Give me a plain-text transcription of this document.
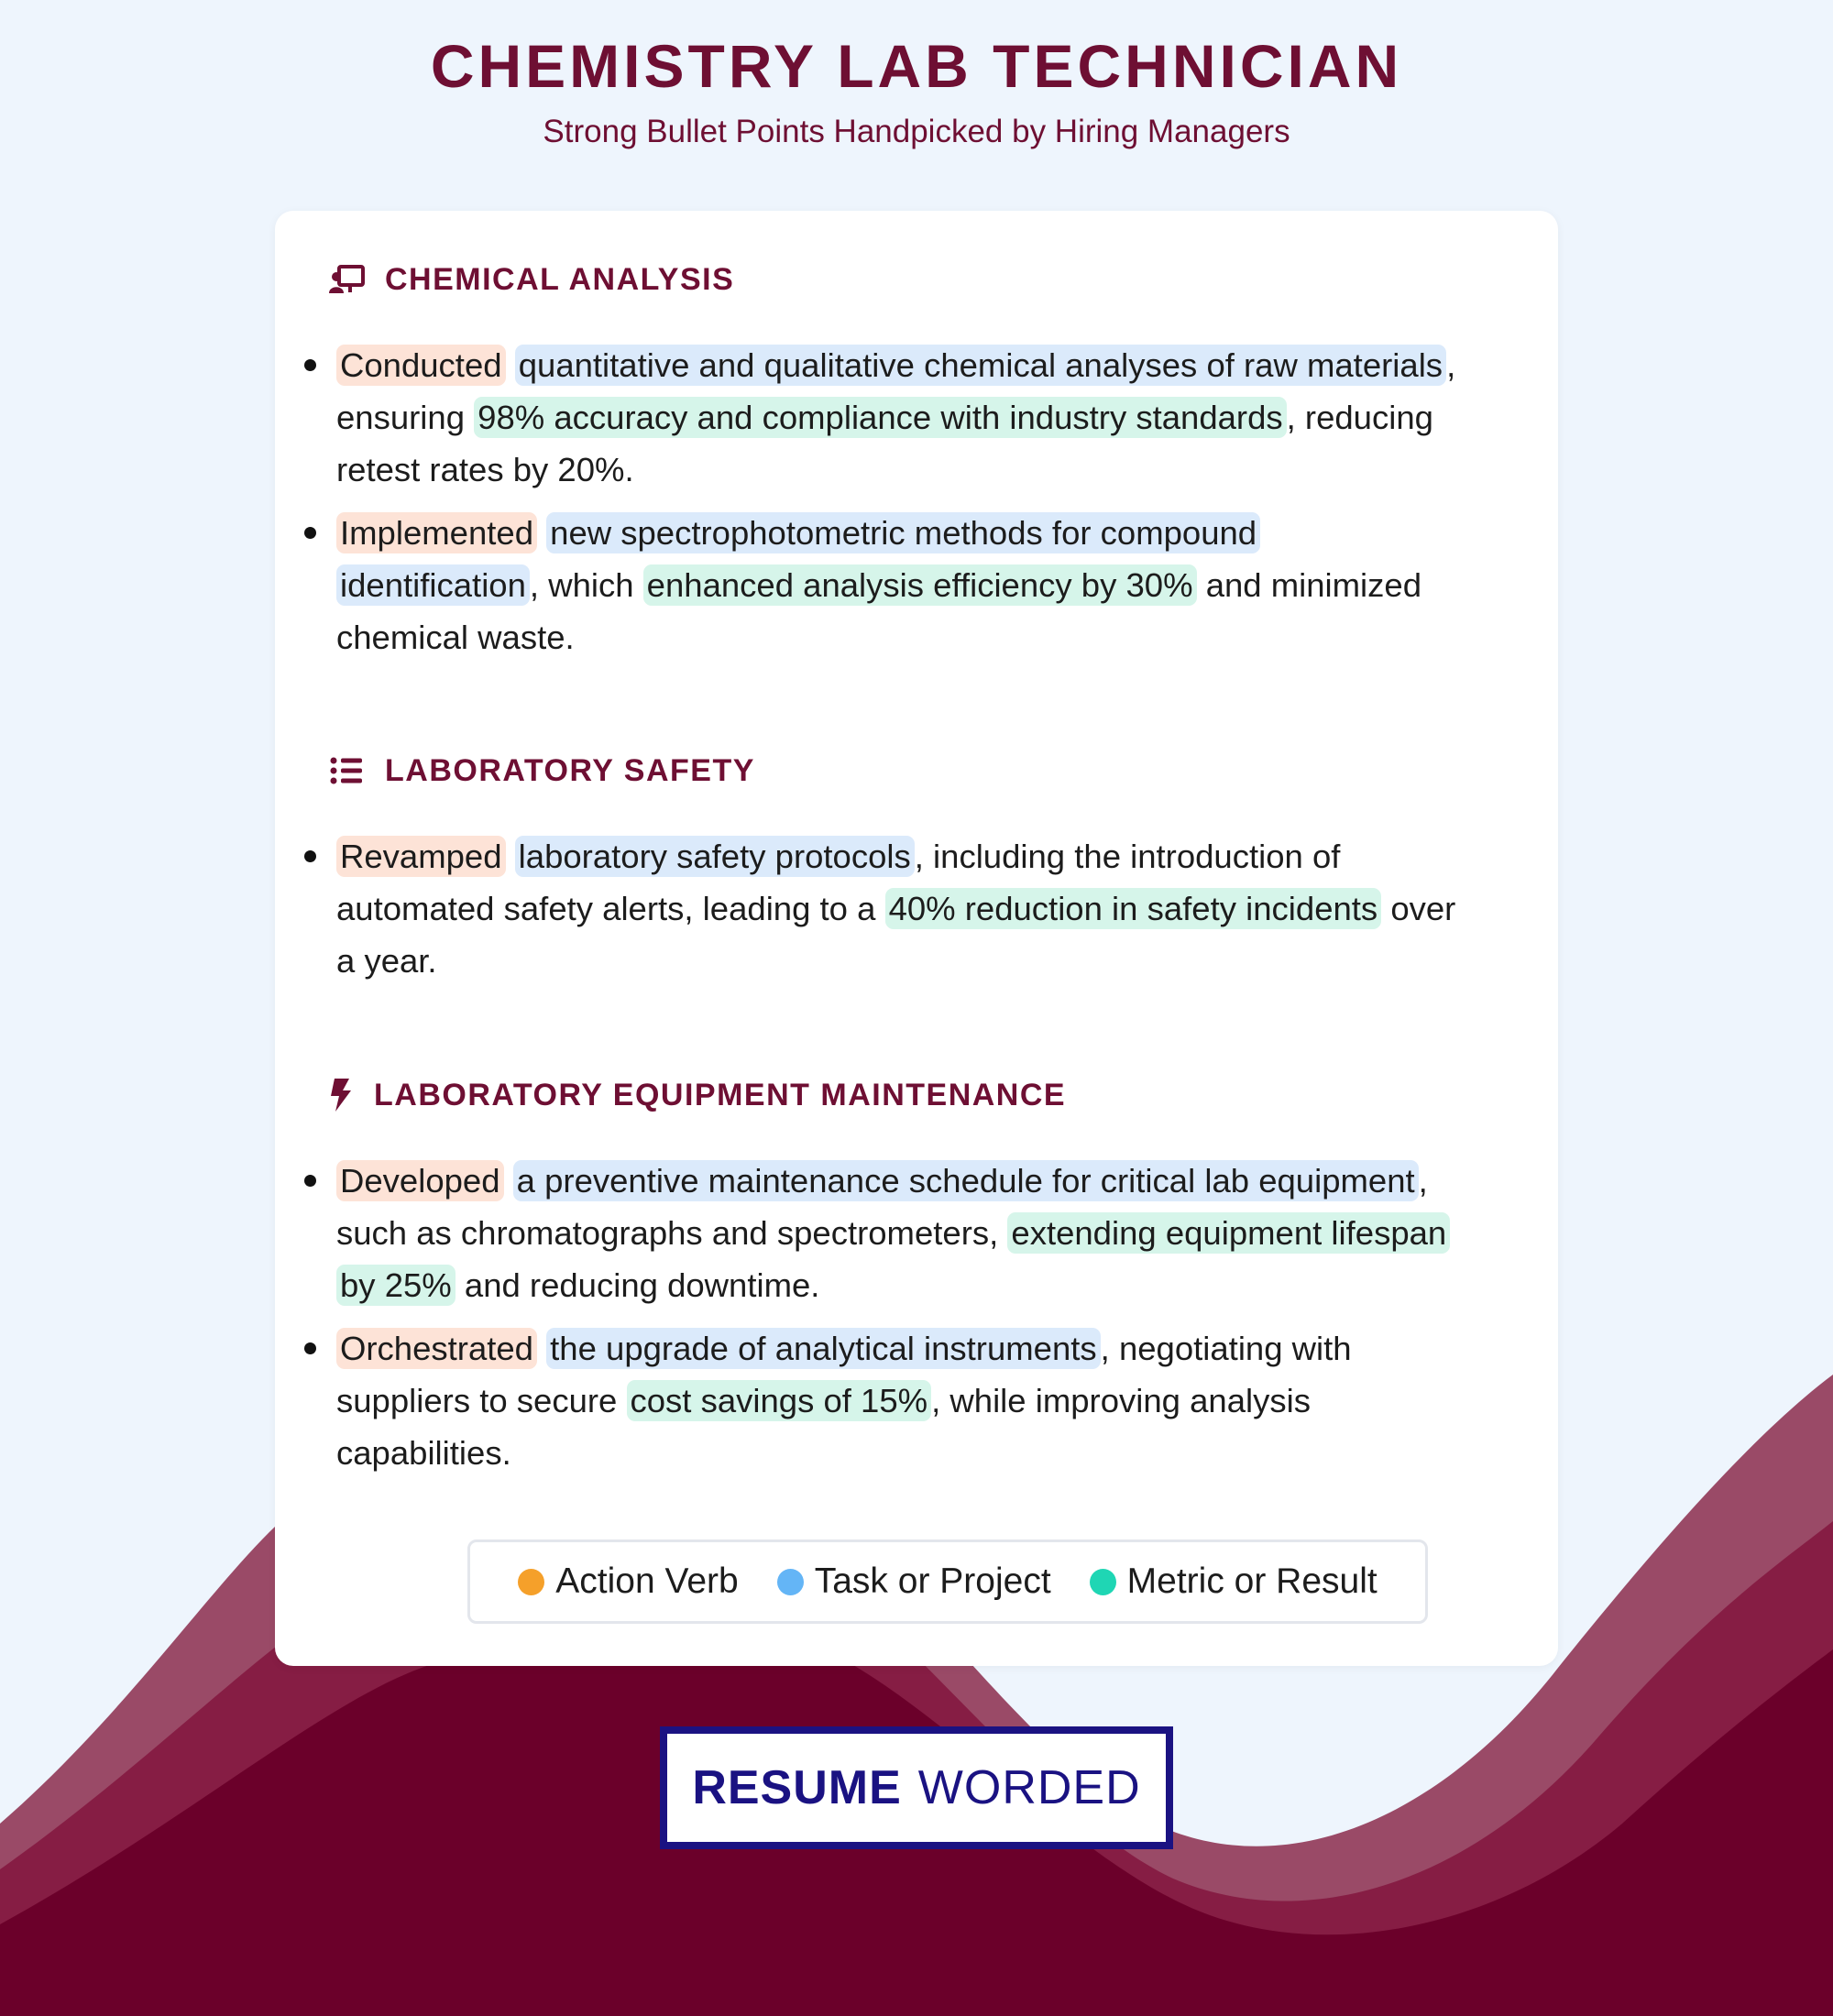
CHEMISTRY LAB TECHNICIAN

Strong Bullet Points Handpicked by Hiring Managers

CHEMICAL ANALYSIS
Conducted quantitative and qualitative chemical analyses of raw materials ,
ensuring 98% accuracy and compliance with industry standards , reducing
retest rates by 20%.
Implemented new spectrophotometric methods for compound
identification , which enhanced analysis efficiency by 30% and minimized
chemical waste.
LABORATORY SAFETY
Revamped laboratory safety protocols , including the introduction of
automated safety alerts, leading to a 40% reduction in safety incidents over
a year.
LABORATORY EQUIPMENT MAINTENANCE
Developed a preventive maintenance schedule for critical lab equipment ,
such as chromatographs and spectrometers, extending equipment lifespan
by 25% and reducing downtime.
Orchestrated the upgrade of analytical instruments , negotiating with
suppliers to secure cost savings of 15% , while improving analysis
capabilities.
Action Verb Task or Project Metric or Result
RESUME WORDED
